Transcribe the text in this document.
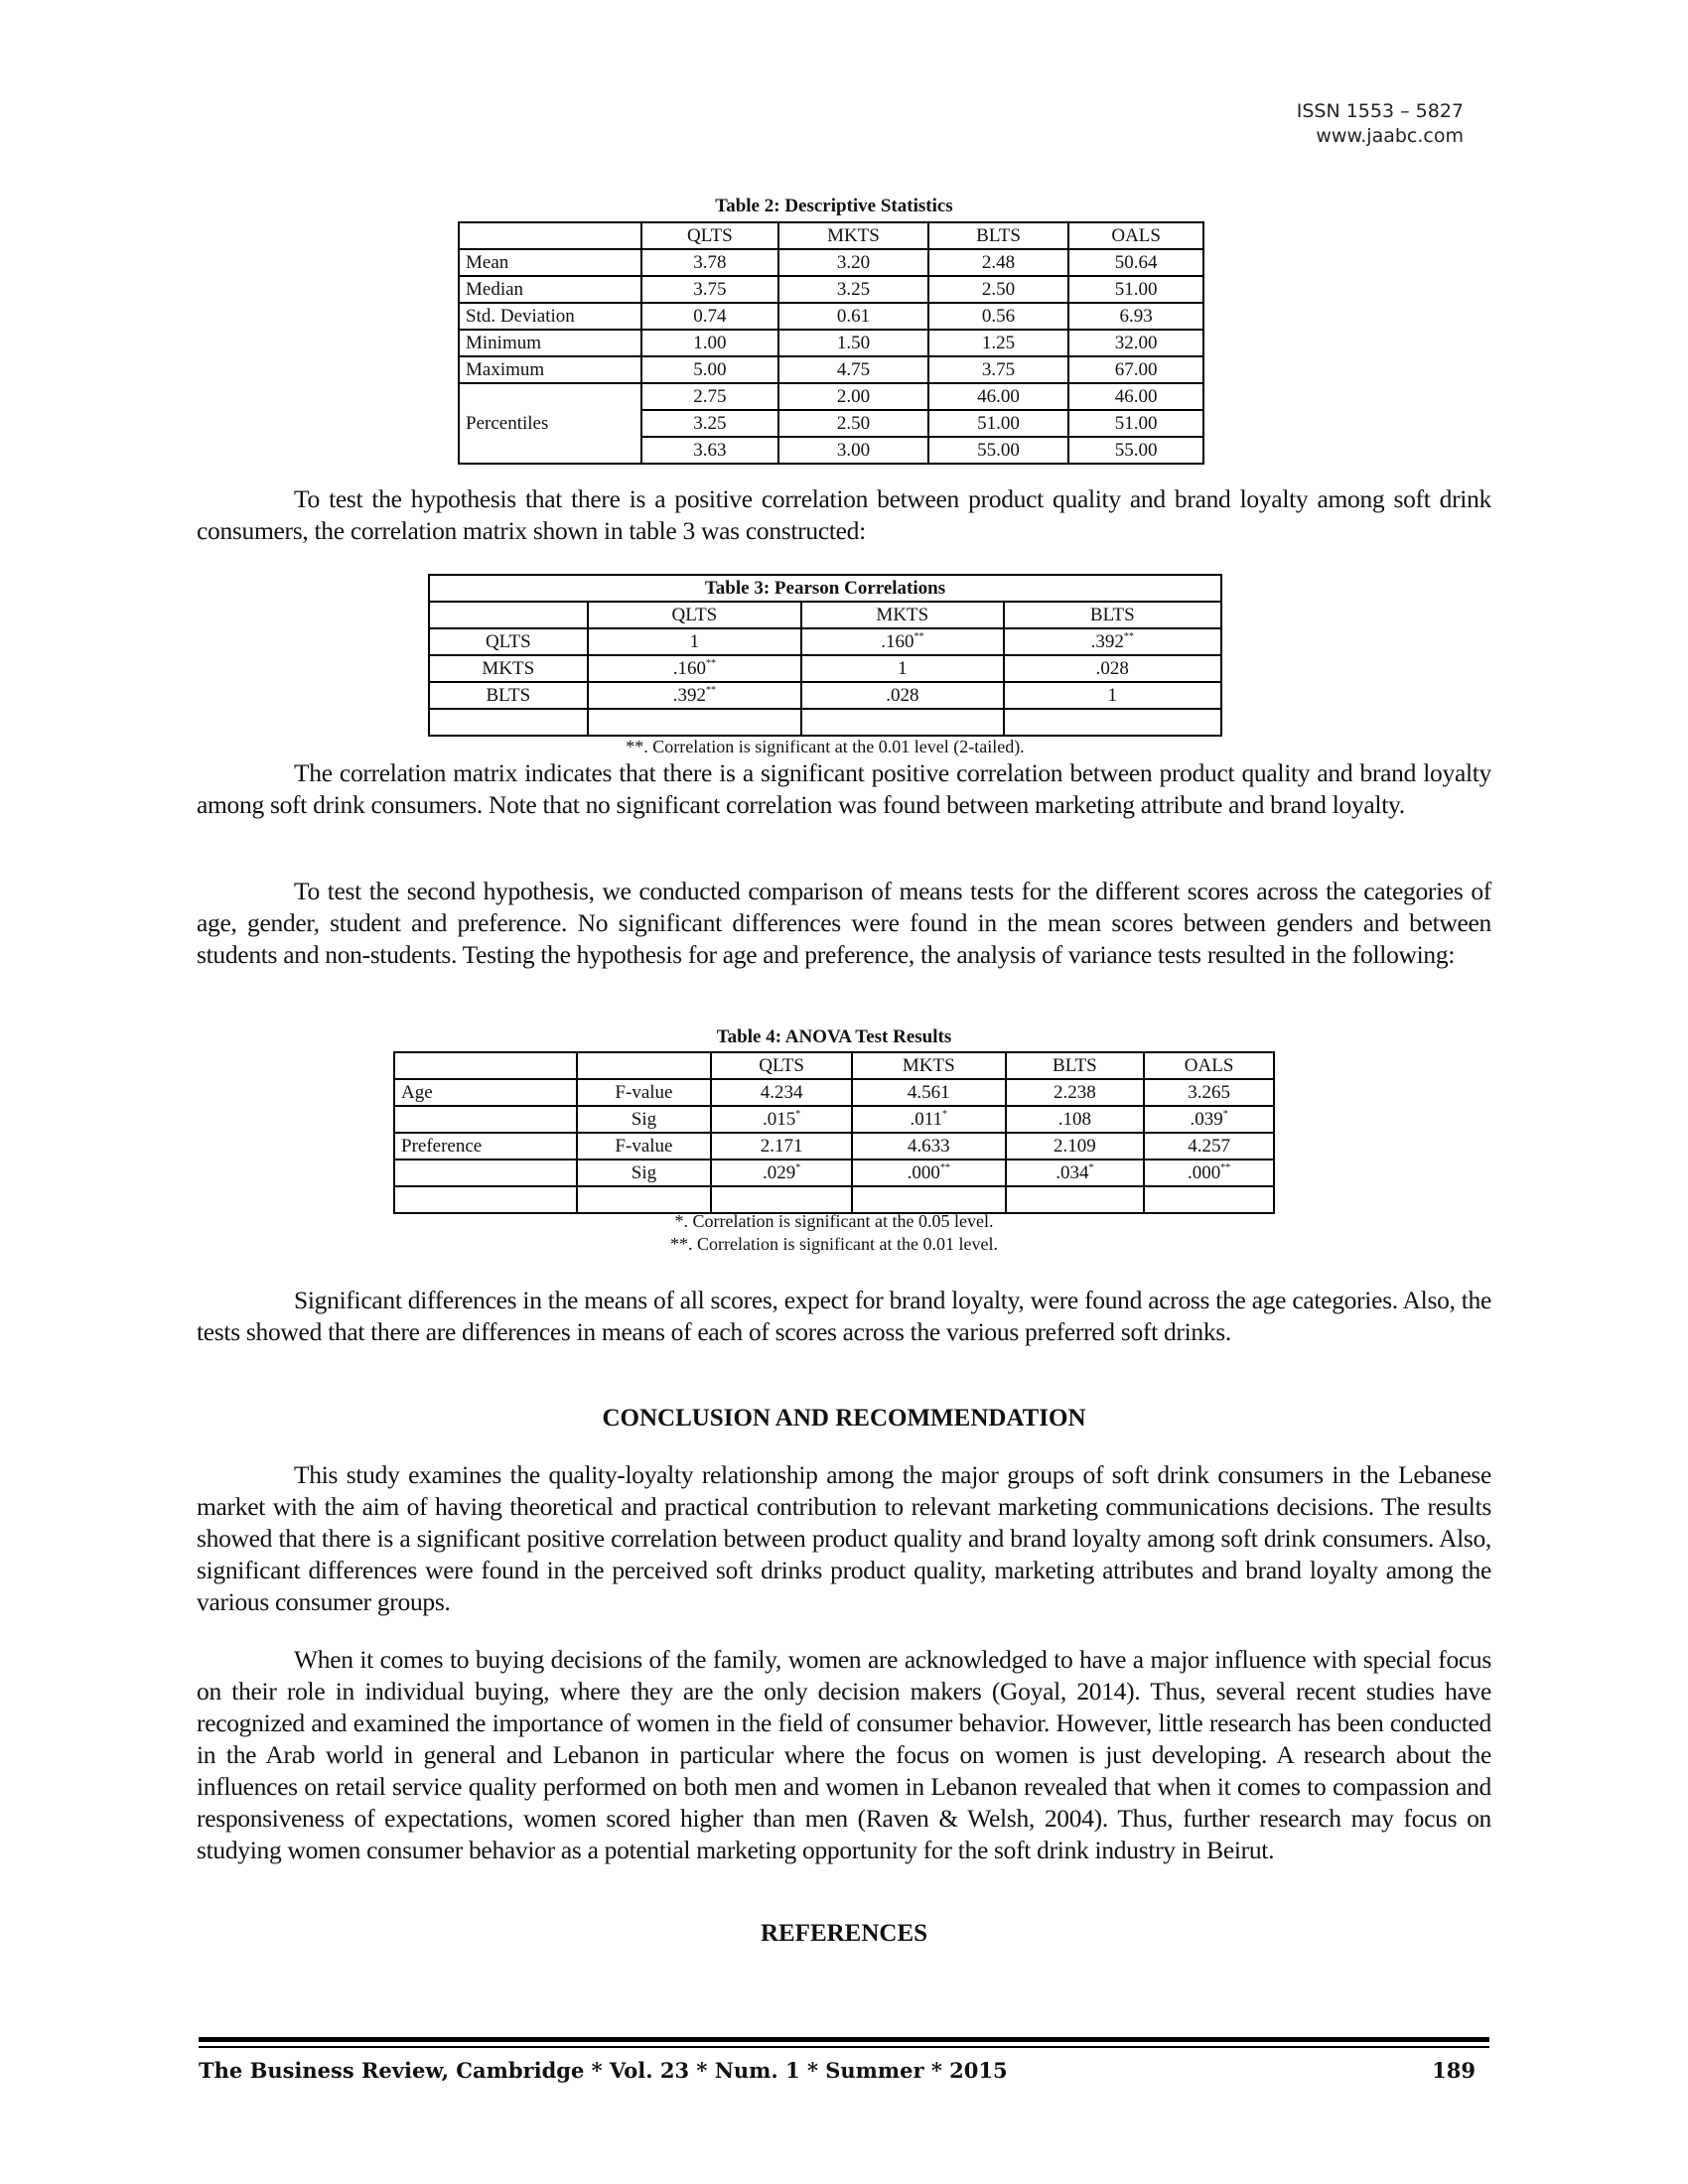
ISSN 1553 – 5827
www.jaabc.com
Table 2: Descriptive Statistics
	QLTS	MKTS	BLTS	OALS
Mean	3.78	3.20	2.48	50.64
Median	3.75	3.25	2.50	51.00
Std. Deviation	0.74	0.61	0.56	6.93
Minimum	1.00	1.50	1.25	32.00
Maximum	5.00	4.75	3.75	67.00
Percentiles	2.75	2.00	46.00	46.00
	3.25	2.50	51.00	51.00
	3.63	3.00	55.00	55.00

To test the hypothesis that there is a positive correlation between product quality and brand loyalty among soft drink consumers, the correlation matrix shown in table 3 was constructed:

Table 3: Pearson Correlations			
	QLTS	MKTS	BLTS
QLTS	1	.160**	.392**
MKTS	.160**	1	.028
BLTS	.392**	.028	1

**. Correlation is significant at the 0.01 level (2-tailed).

The correlation matrix indicates that there is a significant positive correlation between product quality and brand loyalty among soft drink consumers. Note that no significant correlation was found between marketing attribute and brand loyalty.

To test the second hypothesis, we conducted comparison of means tests for the different scores across the categories of age, gender, student and preference. No significant differences were found in the mean scores between genders and between students and non-students. Testing the hypothesis for age and preference, the analysis of variance tests resulted in the following:

Table 4: ANOVA Test Results
		QLTS	MKTS	BLTS	OALS
Age	F-value	4.234	4.561	2.238	3.265
	Sig	.015*	.011*	.108	.039*
Preference	F-value	2.171	4.633	2.109	4.257
	Sig	.029*	.000**	.034*	.000**

*. Correlation is significant at the 0.05 level.
**. Correlation is significant at the 0.01 level.

Significant differences in the means of all scores, expect for brand loyalty, were found across the age categories. Also, the tests showed that there are differences in means of each of scores across the various preferred soft drinks.

CONCLUSION AND RECOMMENDATION

This study examines the quality-loyalty relationship among the major groups of soft drink consumers in the Lebanese market with the aim of having theoretical and practical contribution to relevant marketing communications decisions. The results showed that there is a significant positive correlation between product quality and brand loyalty among soft drink consumers. Also, significant differences were found in the perceived soft drinks product quality, marketing attributes and brand loyalty among the various consumer groups.

When it comes to buying decisions of the family, women are acknowledged to have a major influence with special focus on their role in individual buying, where they are the only decision makers (Goyal, 2014). Thus, several recent studies have recognized and examined the importance of women in the field of consumer behavior. However, little research has been conducted in the Arab world in general and Lebanon in particular where the focus on women is just developing. A research about the influences on retail service quality performed on both men and women in Lebanon revealed that when it comes to compassion and responsiveness of expectations, women scored higher than men (Raven & Welsh, 2004). Thus, further research may focus on studying women consumer behavior as a potential marketing opportunity for the soft drink industry in Beirut.

REFERENCES
The Business Review, Cambridge * Vol. 23 * Num. 1 * Summer * 2015	189
